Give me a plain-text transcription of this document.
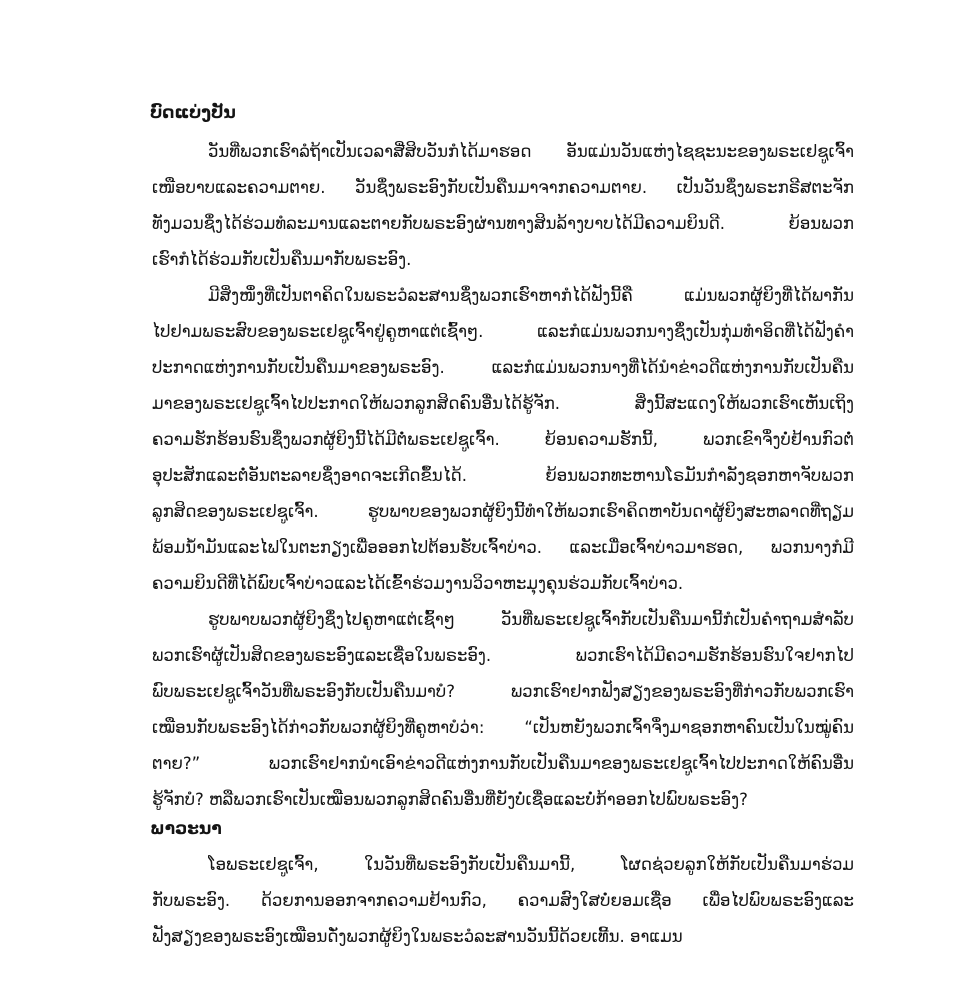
ບົດແບ່ງປັນ
ວັນທີ່ພວກເຮົາລໍຖ້າເປັນເວລາສີ່ສິບວັນກໍໄດ້ມາຮອດ ອັນແມ່ນວັນແຫ່ງໄຊຊະນະຂອງພຣະເຢຊູເຈົ້າ
ເໜືອບາບແລະຄວາມຕາຍ. ວັນຊຶ່ງພຣະອົງກັບເປັນຄືນມາຈາກຄວາມຕາຍ. ເປັນວັນຊຶ່ງພຣະກຣີສຕະຈັກ
ທັງມວນຊຶ່ງໄດ້ຮ່ວມທໍລະມານແລະຕາຍກັບພຣະອົງຜ່ານທາງສິນລ້າງບາບໄດ້ມີຄວາມຍິນດີ. ຍ້ອນພວກ
ເຮົາກໍໄດ້ຮ່ວມກັບເປັນຄືນມາກັບພຣະອົງ.
ມີສິ່ງໜຶ່ງທີ່ເປັນຕາຄິດໃນພຣະວໍລະສານຊຶ່ງພວກເຮົາຫາກໍໄດ້ຟັງນີ້ຄື ແມ່ນພວກຜູ້ຍິງທີ່ໄດ້ພາກັນ
ໄປຢາມພຣະສົບຂອງພຣະເຢຊູເຈົ້າຢູ່ຄູຫາແຕ່ເຊົ້າໆ. ແລະກໍແມ່ນພວກນາງຊຶ່ງເປັນກຸ່ມທໍາອິດທີ່ໄດ້ຟັງຄໍາ
ປະກາດແຫ່ງການກັບເປັນຄືນມາຂອງພຣະອົງ. ແລະກໍແມ່ນພວກນາງທີ່ໄດ້ນໍາຂ່າວດີແຫ່ງການກັບເປັນຄືນ
ມາຂອງພຣະເຢຊູເຈົ້າໄປປະກາດໃຫ້ພວກລູກສິດຄົນອື່ນໄດ້ຮູ້ຈັກ. ສິ່ງນີ້ສະແດງໃຫ້ພວກເຮົາເຫັນເຖິງ
ຄວາມຮັກຮ້ອນຮົນຊຶ່ງພວກຜູ້ຍິງນີ້ໄດ້ມີຕໍ່ພຣະເຢຊູເຈົ້າ. ຍ້ອນຄວາມຮັກນີ້, ພວກເຂົາຈຶ່ງບໍ່ຢ້ານກົວຕໍ່
ອຸປະສັກແລະຕໍ່ອັນຕະລາຍຊຶ່ງອາດຈະເກີດຂຶ້ນໄດ້. ຍ້ອນພວກທະຫານໂຣມັນກໍາລັງຊອກຫາຈັບພວກ
ລູກສິດຂອງພຣະເຢຊູເຈົ້າ. ຮູບພາບຂອງພວກຜູ້ຍິງນີ້ທໍາໃຫ້ພວກເຮົາຄິດຫາບັນດາຜູ້ຍິງສະຫລາດທີ່ຖຽມ
ພ້ອມນ້ໍາມັນແລະໄຟໃນຕະກຽງເພື່ອອອກໄປຕ້ອນຮັບເຈົ້າບ່າວ. ແລະເມື່ອເຈົ້າບ່າວມາຮອດ, ພວກນາງກໍມີ
ຄວາມຍິນດີທີ່ໄດ້ພົບເຈົ້າບ່າວແລະໄດ້ເຂົ້າຮ່ວມງານວິວາຫະມຸງຄຸນຮ່ວມກັບເຈົ້າບ່າວ.
ຮູບພາບພວກຜູ້ຍິງຊຶ່ງໄປຄູຫາແຕ່ເຊົ້າໆ ວັນທີ່ພຣະເຢຊູເຈົ້າກັບເປັນຄືນມານີ້ກໍເປັນຄໍາຖາມສໍາລັບ
ພວກເຮົາຜູ້ເປັນສິດຂອງພຣະອົງແລະເຊື່ອໃນພຣະອົງ. ພວກເຮົາໄດ້ມີຄວາມຮັກຮ້ອນຮົນໃຈຢາກໄປ
ພົບພຣະເຢຊູເຈົ້າວັນທີ່ພຣະອົງກັບເປັນຄືນມາບໍ? ພວກເຮົາຢາກຟັງສຽງຂອງພຣະອົງທີ່ກ່າວກັບພວກເຮົາ
ເໝືອນກັບພຣະອົງໄດ້ກ່າວກັບພວກຜູ້ຍິງທີ່ຄູຫາບໍວ່າ: “ເປັນຫຍັງພວກເຈົ້າຈຶ່ງມາຊອກຫາຄົນເປັນໃນໝູ່ຄົນ
ຕາຍ?” ພວກເຮົາຢາກນໍາເອົາຂ່າວດີແຫ່ງການກັບເປັນຄືນມາຂອງພຣະເຢຊູເຈົ້າໄປປະກາດໃຫ້ຄົນອື່ນ
ຮູ້ຈັກບໍ? ຫລືພວກເຮົາເປັນເໝືອນພວກລູກສິດຄົນອື່ນທີ່ຍັງບໍ່ເຊື່ອແລະບໍ່ກ້າອອກໄປພົບພຣະອົງ?
ພາວະນາ
ໂອພຣະເຢຊູເຈົ້າ, ໃນວັນທີ່ພຣະອົງກັບເປັນຄືນມານີ້, ໂຜດຊ່ວຍລູກໃຫ້ກັບເປັນຄືນມາຮ່ວມ
ກັບພຣະອົງ. ດ້ວຍການອອກຈາກຄວາມຢ້ານກົວ, ຄວາມສົງໃສບໍ່ຍອມເຊື່ອ ເພື່ອໄປພົບພຣະອົງແລະ
ຟັງສຽງຂອງພຣະອົງເໝືອນດັ່ງພວກຜູ້ຍິງໃນພຣະວໍລະສານວັນນີ້ດ້ວຍເທີ້ນ. ອາແມນ
